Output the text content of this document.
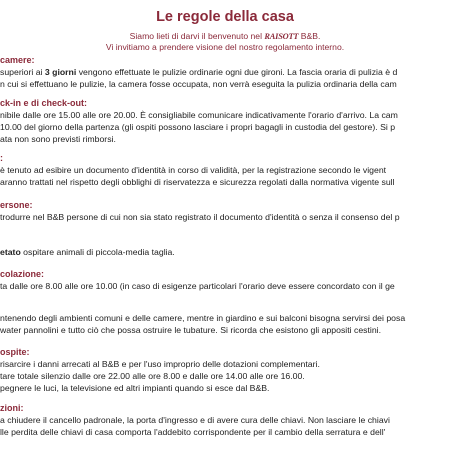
Le regole della casa
Siamo lieti di darvi il benvenuto nel RAISOTT B&B.
Vi invitiamo a prendere visione del nostro regolamento interno.
camere:
superiori ai 3 giorni vengono effettuate le pulizie ordinarie ogni due gironi. La fascia oraria di pulizia è d
n cui si effettuano le pulizie, la camera fosse occupata, non verrà eseguita la pulizia ordinaria della cam
ck-in e di check-out:
nibile dalle ore 15.00 alle ore 20.00. È consigliabile comunicare indicativamente l'orario d'arrivo. La cam
10.00 del giorno della partenza (gli ospiti possono lasciare i propri bagagli in custodia del gestore). Si p
ata non sono previsti rimborsi.
:
è tenuto ad esibire un documento d'identità in corso di validità, per la registrazione secondo le vigent
aranno trattati nel rispetto degli obblighi di riservatezza e sicurezza regolati dalla normativa vigente sull
ersone:
trodurre nel B&B persone di cui non sia stato registrato il documento d'identità o senza il consenso del p
etato ospitare animali di piccola-media taglia.
colazione:
ta dalle ore 8.00 alle ore 10.00 (in caso di esigenze particolari l'orario deve essere concordato con il ge
ntenendo degli ambienti comuni e delle camere, mentre in giardino e sui balconi bisogna servirsi dei posa
water pannolini e tutto ciò che possa ostruire le tubature. Si ricorda che esistono gli appositi cestini.
ospite:
risarcire i danni arrecati al B&B e per l'uso improprio delle dotazioni complementari.
tare totale silenzio dalle ore 22.00 alle ore 8.00 e dalle ore 14.00 alle ore 16.00.
pegnere le luci, la televisione ed altri impianti quando si esce dal B&B.
zioni:
a chiudere il cancello padronale, la porta d'ingresso e di avere cura delle chiavi. Non lasciare le chiavi
lle perdita delle chiavi di casa comporta l'addebito corrispondente per il cambio della serratura e dell'
